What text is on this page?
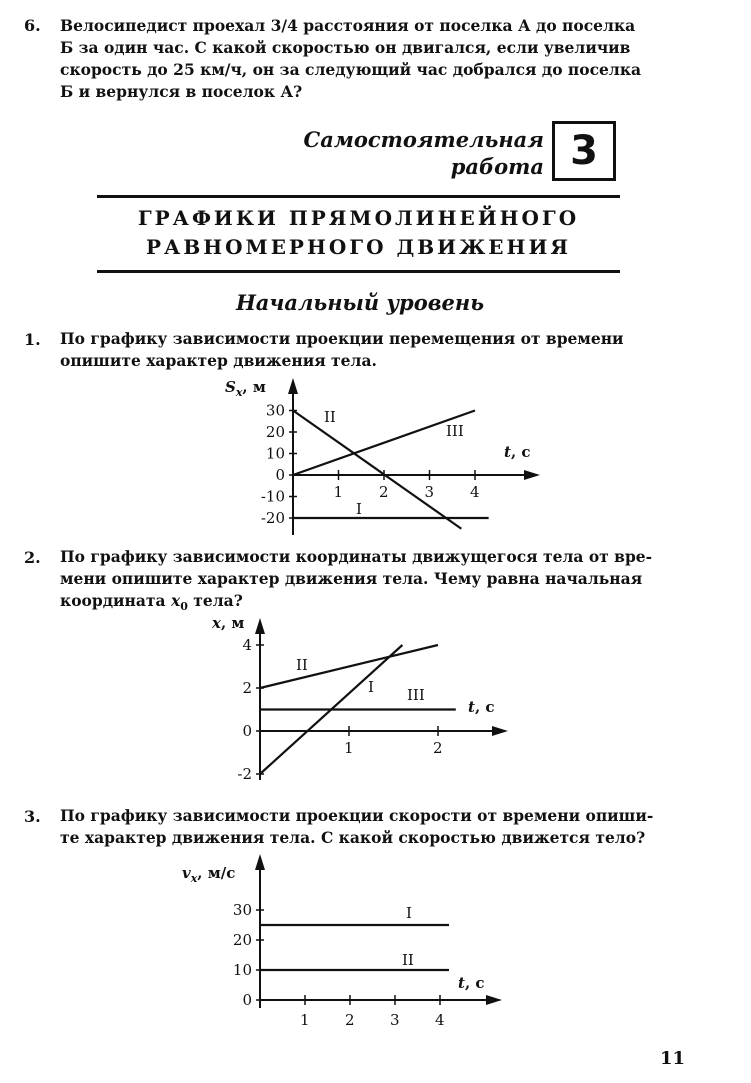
6. Велосипедист проехал 3/4 расстояния от поселка А до поселка
Б за один час. С какой скоростью он двигался, если увеличив
скорость до 25 км/ч, он за следующий час добрался до поселка
Б и вернулся в поселок А?

Самостоятельная
работа 3
ГРАФИКИ ПРЯМОЛИНЕЙНОГО
РАВНОМЕРНОГО ДВИЖЕНИЯ
Начальный уровень
1. По графику зависимости проекции перемещения от времени
опишите характер движения тела.

1 2 3 4
30
20
10
0
-10
-20
$S_x$, м
t, с
II
III
I
2. По графику зависимости координаты движущегося тела от вре-
мени опишите характер движения тела. Чему равна начальная
координата $x_0$ тела?

1	2
4
2
0
-2
x, м
t, с
II
I III
3. По графику зависимости проекции скорости от времени опиши-
те характер движения тела. С какой скоростью движется тело?

1 2 3 4
30
20
10
0
$v_x$, м/с
t, с
I
II
11
